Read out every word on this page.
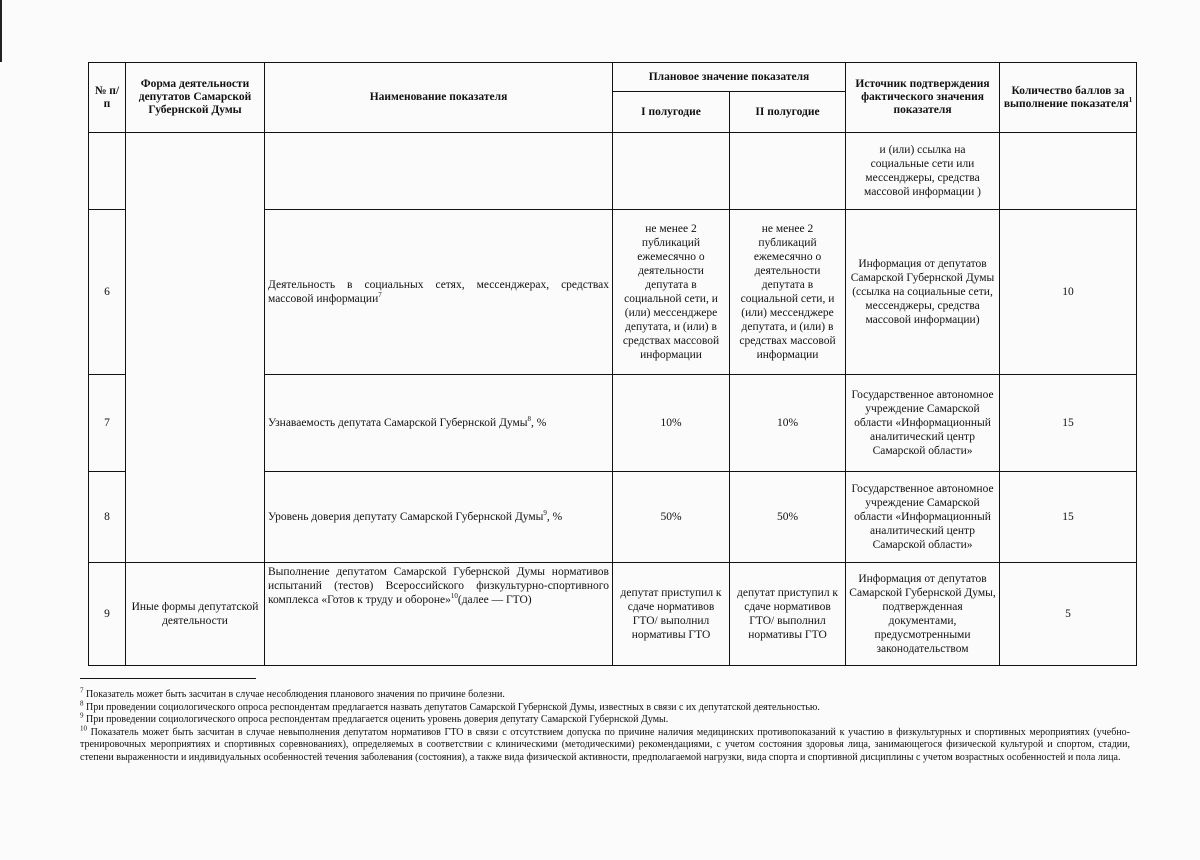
№ п/п	Форма деятельности депутатов Самарской Губернской Думы	Наименование показателя	Плановое значение показателя		Источник подтверждения фактического значения показателя	Количество баллов за выполнение показателя$^1$
			I полугодие	II полугодие		
					и (или) ссылка на социальные сети или мессенджеры, средства массовой информации )	
6		Деятельность в социальных сетях, мессенджерах, средствах массовой информации$^7$	не менее 2 публикаций ежемесячно о деятельности депутата в социальной сети, и (или) мессенджере депутата, и (или) в средствах массовой информации	не менее 2 публикаций ежемесячно о деятельности депутата в социальной сети, и (или) мессенджере депутата, и (или) в средствах массовой информации	Информация от депутатов Самарской Губернской Думы (ссылка на социальные сети, мессенджеры, средства массовой информации)	10
7		Узнаваемость депутата Самарской Губернской Думы$^8$, %	10%	10%	Государственное автономное учреждение Самарской области «Информационный аналитический центр Самарской области»	15
8		Уровень доверия депутату Самарской Губернской Думы$^9$, %	50%	50%	Государственное автономное учреждение Самарской области «Информационный аналитический центр Самарской области»	15
9	Иные формы депутатской деятельности	Выполнение депутатом Самарской Губернской Думы нормативов испытаний (тестов) Всероссийского физкультурно-спортивного комплекса «Готов к труду и обороне»$^{10}$(далее — ГТО)	депутат приступил к сдаче нормативов ГТО/ выполнил нормативы ГТО	депутат приступил к сдаче нормативов ГТО/ выполнил нормативы ГТО	Информация от депутатов Самарской Губернской Думы, подтвержденная документами, предусмотренными законодательством	5
$^7$ Показатель может быть засчитан в случае несоблюдения планового значения по причине болезни.
$^8$ При проведении социологического опроса респондентам предлагается назвать депутатов Самарской Губернской Думы, известных в связи с их депутатской деятельностью.
$^9$ При проведении социологического опроса респондентам предлагается оценить уровень доверия депутату Самарской Губернской Думы.
$^{10}$ Показатель может быть засчитан в случае невыполнения депутатом нормативов ГТО в связи с отсутствием допуска по причине наличия медицинских противопоказаний к участию в физкультурных и спортивных мероприятиях (учебно-тренировочных мероприятиях и спортивных соревнованиях), определяемых в соответствии с клиническими (методическими) рекомендациями, с учетом состояния здоровья лица, занимающегося физической культурой и спортом, стадии, степени выраженности и индивидуальных особенностей течения заболевания (состояния), а также вида физической активности, предполагаемой нагрузки, вида спорта и спортивной дисциплины с учетом возрастных особенностей и пола лица.
